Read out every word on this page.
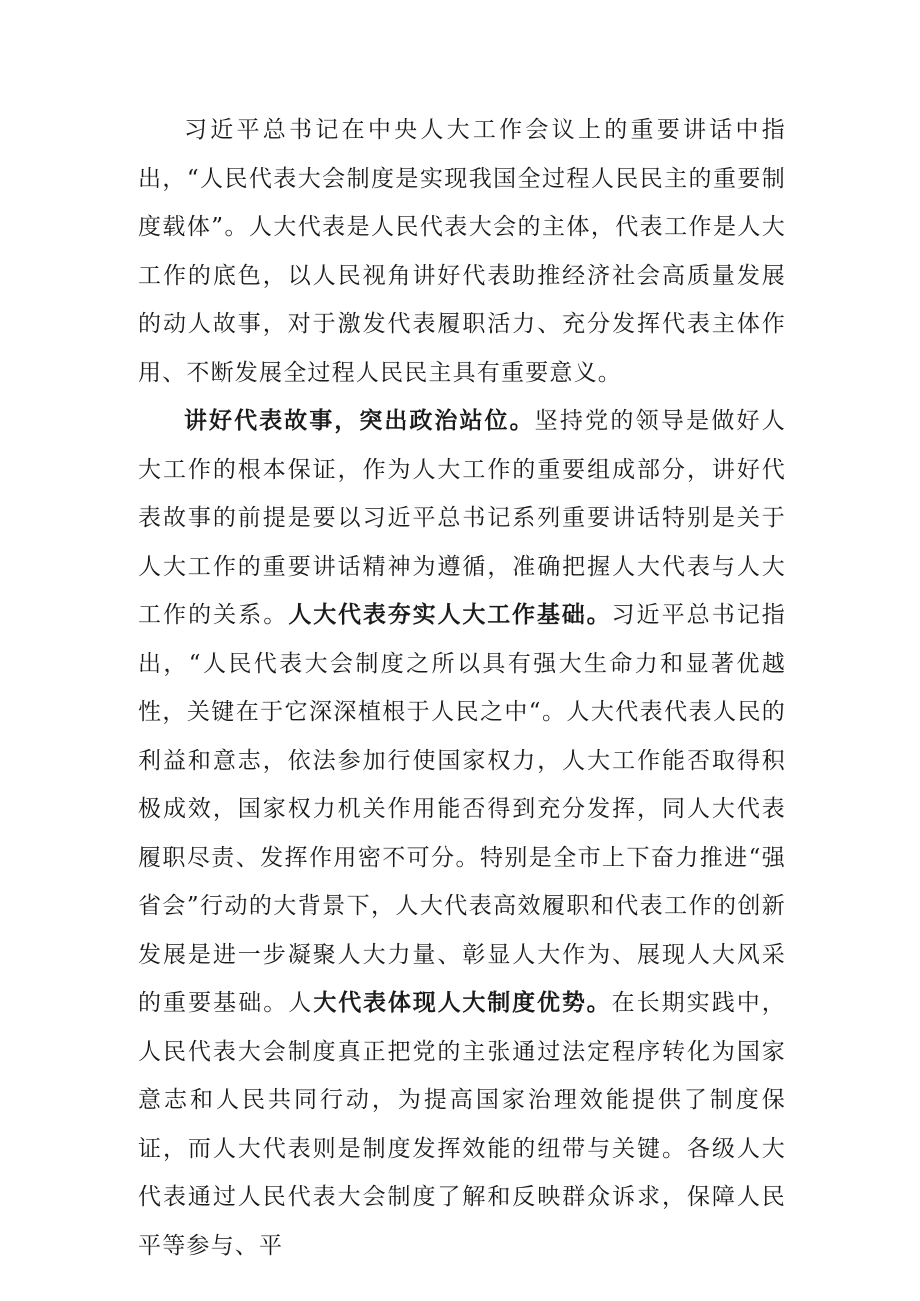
习近平总书记在中央人大工作会议上的重要讲话中指出，“人民代表大会制度是实现我国全过程人民民主的重要制度载体”。人大代表是人民代表大会的主体，代表工作是人大工作的底色，以人民视角讲好代表助推经济社会高质量发展的动人故事，对于激发代表履职活力、充分发挥代表主体作用、不断发展全过程人民民主具有重要意义。

讲好代表故事，突出政治站位。坚持党的领导是做好人大工作的根本保证，作为人大工作的重要组成部分，讲好代表故事的前提是要以习近平总书记系列重要讲话特别是关于人大工作的重要讲话精神为遵循，准确把握人大代表与人大工作的关系。人大代表夯实人大工作基础。习近平总书记指出，“人民代表大会制度之所以具有强大生命力和显著优越性，关键在于它深深植根于人民之中“。人大代表代表人民的利益和意志，依法参加行使国家权力，人大工作能否取得积极成效，国家权力机关作用能否得到充分发挥，同人大代表履职尽责、发挥作用密不可分。特别是全市上下奋力推进“强省会”行动的大背景下，人大代表高效履职和代表工作的创新发展是进一步凝聚人大力量、彰显人大作为、展现人大风采的重要基础。人大代表体现人大制度优势。在长期实践中，人民代表大会制度真正把党的主张通过法定程序转化为国家意志和人民共同行动，为提高国家治理效能提供了制度保证，而人大代表则是制度发挥效能的纽带与关键。各级人大代表通过人民代表大会制度了解和反映群众诉求，保障人民平等参与、平
